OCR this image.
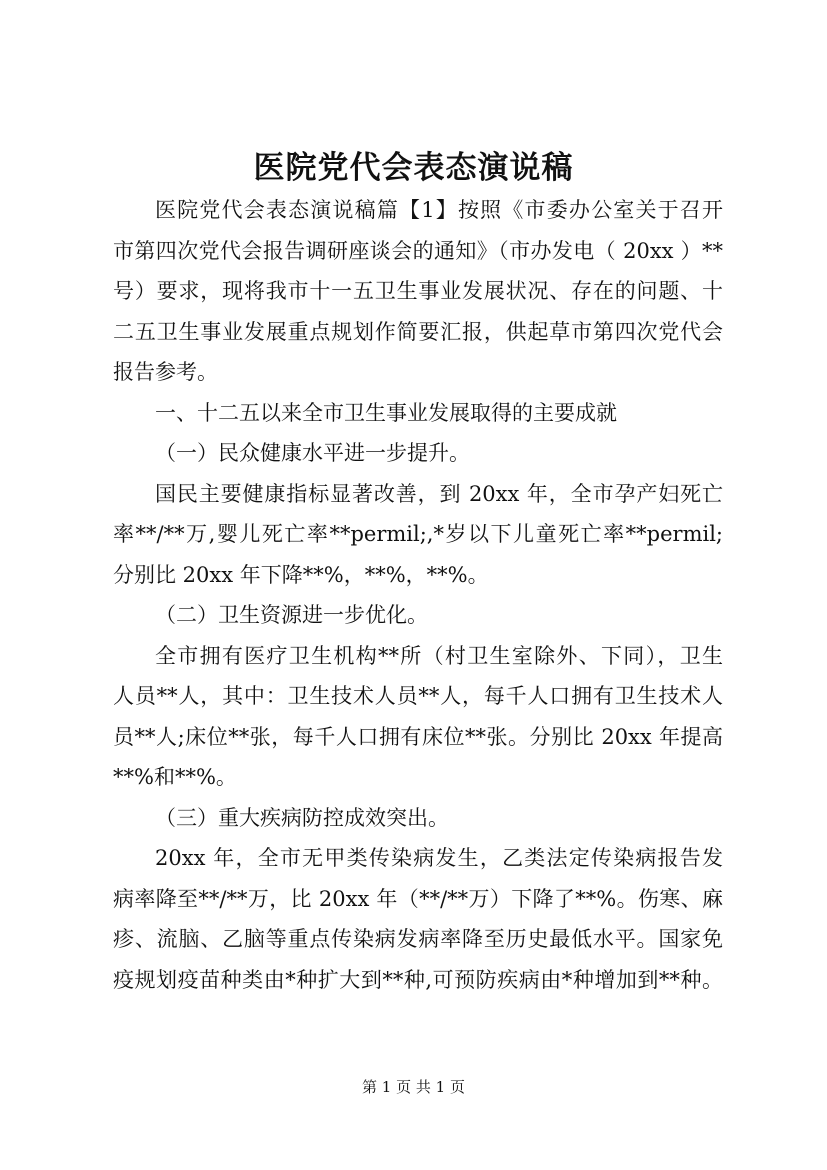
医院党代会表态演说稿
医院党代会表态演说稿篇【1】按照《市委办公室关于召开
市第四次党代会报告调研座谈会的通知》（市办发电（ 20xx ）**
号）要求，现将我市十一五卫生事业发展状况、存在的问题、十
二五卫生事业发展重点规划作简要汇报，供起草市第四次党代会
报告参考。
一、十二五以来全市卫生事业发展取得的主要成就
（一）民众健康水平进一步提升。
国民主要健康指标显著改善，到 20xx 年，全市孕产妇死亡
率**/**万,婴儿死亡率**permil;,*岁以下儿童死亡率**permil;
分别比 20xx 年下降**%，**%，**%。
（二）卫生资源进一步优化。
全市拥有医疗卫生机构**所（村卫生室除外、下同），卫生
人员**人，其中：卫生技术人员**人，每千人口拥有卫生技术人
员**人;床位**张，每千人口拥有床位**张。分别比 20xx 年提高
**%和**%。
（三）重大疾病防控成效突出。
20xx 年，全市无甲类传染病发生，乙类法定传染病报告发
病率降至**/**万，比 20xx 年（**/**万）下降了**%。伤寒、麻
疹、流脑、乙脑等重点传染病发病率降至历史最低水平。国家免
疫规划疫苗种类由*种扩大到**种,可预防疾病由*种增加到**种。
第 1 页 共 1 页
